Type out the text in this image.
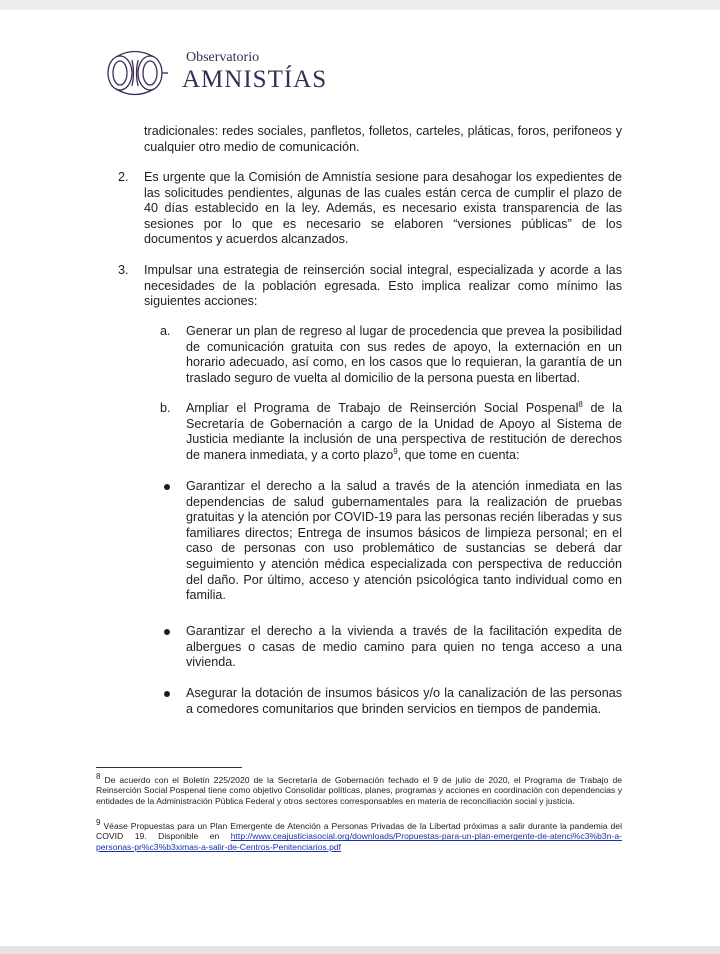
Observatorio
AMNISTÍAS
tradicionales: redes sociales, panfletos, folletos, carteles, pláticas, foros, perifoneos y cualquier otro medio de comunicación.
2. Es urgente que la Comisión de Amnistía sesione para desahogar los expedientes de las solicitudes pendientes, algunas de las cuales están cerca de cumplir el plazo de 40 días establecido en la ley. Además, es necesario exista transparencia de las sesiones por lo que es necesario se elaboren “versiones públicas” de los documentos y acuerdos alcanzados.
3. Impulsar una estrategia de reinserción social integral, especializada y acorde a las necesidades de la población egresada. Esto implica realizar como mínimo las siguientes acciones:
a. Generar un plan de regreso al lugar de procedencia que prevea la posibilidad de comunicación gratuita con sus redes de apoyo, la externación en un horario adecuado, así como, en los casos que lo requieran, la garantía de un traslado seguro de vuelta al domicilio de la persona puesta en libertad.
b. Ampliar el Programa de Trabajo de Reinserción Social Pospenal$^8$ de la Secretaría de Gobernación a cargo de la Unidad de Apoyo al Sistema de Justicia mediante la inclusión de una perspectiva de restitución de derechos de manera inmediata, y a corto plazo$^9$, que tome en cuenta:
Garantizar el derecho a la salud a través de la atención inmediata en las dependencias de salud gubernamentales para la realización de pruebas gratuitas y la atención por COVID-19 para las personas recién liberadas y sus familiares directos; Entrega de insumos básicos de limpieza personal; en el caso de personas con uso problemático de sustancias se deberá dar seguimiento y atención médica especializada con perspectiva de reducción del daño. Por último, acceso y atención psicológica tanto individual como en familia.
Garantizar el derecho a la vivienda a través de la facilitación expedita de albergues o casas de medio camino para quien no tenga acceso a una vivienda.
Asegurar la dotación de insumos básicos y/o la canalización de las personas a comedores comunitarios que brinden servicios en tiempos de pandemia.
$^8$ De acuerdo con el Boletín 225/2020 de la Secretaría de Gobernación fechado el 9 de julio de 2020, el Programa de Trabajo de Reinserción Social Pospenal tiene como objetivo Consolidar políticas, planes, programas y acciones en coordinación con dependencias y entidades de la Administración Pública Federal y otros sectores corresponsables en materia de reconciliación social y justicia.
$^9$ Véase Propuestas para un Plan Emergente de Atención a Personas Privadas de la Libertad próximas a salir durante la pandemia del COVID 19. Disponible en http://www.ceajusticiasocial.org/downloads/Propuestas-para-un-plan-emergente-de-atenci%c3%b3n-a-personas-pr%c3%b3ximas-a-salir-de-Centros-Penitenciarios.pdf
